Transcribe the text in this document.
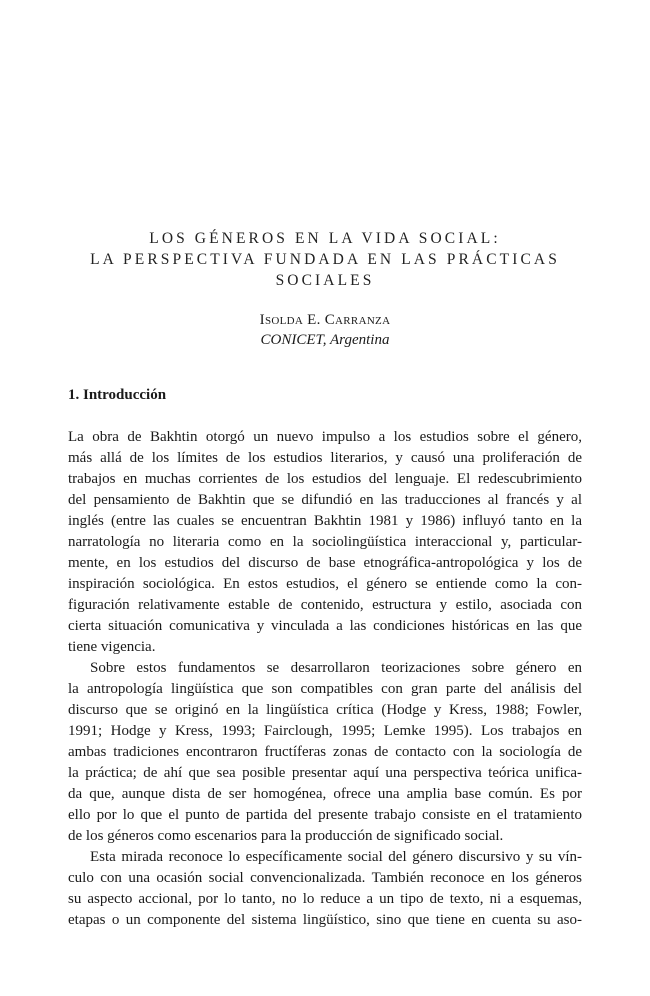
LOS GÉNEROS EN LA VIDA SOCIAL:
LA PERSPECTIVA FUNDADA EN LAS PRÁCTICAS
SOCIALES
Isolda E. Carranza
CONICET, Argentina
1. Introducción
La obra de Bakhtin otorgó un nuevo impulso a los estudios sobre el género,
más allá de los límites de los estudios literarios, y causó una proliferación de
trabajos en muchas corrientes de los estudios del lenguaje. El redescubrimiento
del pensamiento de Bakhtin que se difundió en las traducciones al francés y al
inglés (entre las cuales se encuentran Bakhtin 1981 y 1986) influyó tanto en la
narratología no literaria como en la sociolingüística interaccional y, particular-
mente, en los estudios del discurso de base etnográfica-antropológica y los de
inspiración sociológica. En estos estudios, el género se entiende como la con-
figuración relativamente estable de contenido, estructura y estilo, asociada con
cierta situación comunicativa y vinculada a las condiciones históricas en las que
tiene vigencia.
Sobre estos fundamentos se desarrollaron teorizaciones sobre género en
la antropología lingüística que son compatibles con gran parte del análisis del
discurso que se originó en la lingüística crítica (Hodge y Kress, 1988; Fowler,
1991; Hodge y Kress, 1993; Fairclough, 1995; Lemke 1995). Los trabajos en
ambas tradiciones encontraron fructíferas zonas de contacto con la sociología de
la práctica; de ahí que sea posible presentar aquí una perspectiva teórica unifica-
da que, aunque dista de ser homogénea, ofrece una amplia base común. Es por
ello por lo que el punto de partida del presente trabajo consiste en el tratamiento
de los géneros como escenarios para la producción de significado social.
Esta mirada reconoce lo específicamente social del género discursivo y su vín-
culo con una ocasión social convencionalizada. También reconoce en los géneros
su aspecto accional, por lo tanto, no lo reduce a un tipo de texto, ni a esquemas,
etapas o un componente del sistema lingüístico, sino que tiene en cuenta su aso-
